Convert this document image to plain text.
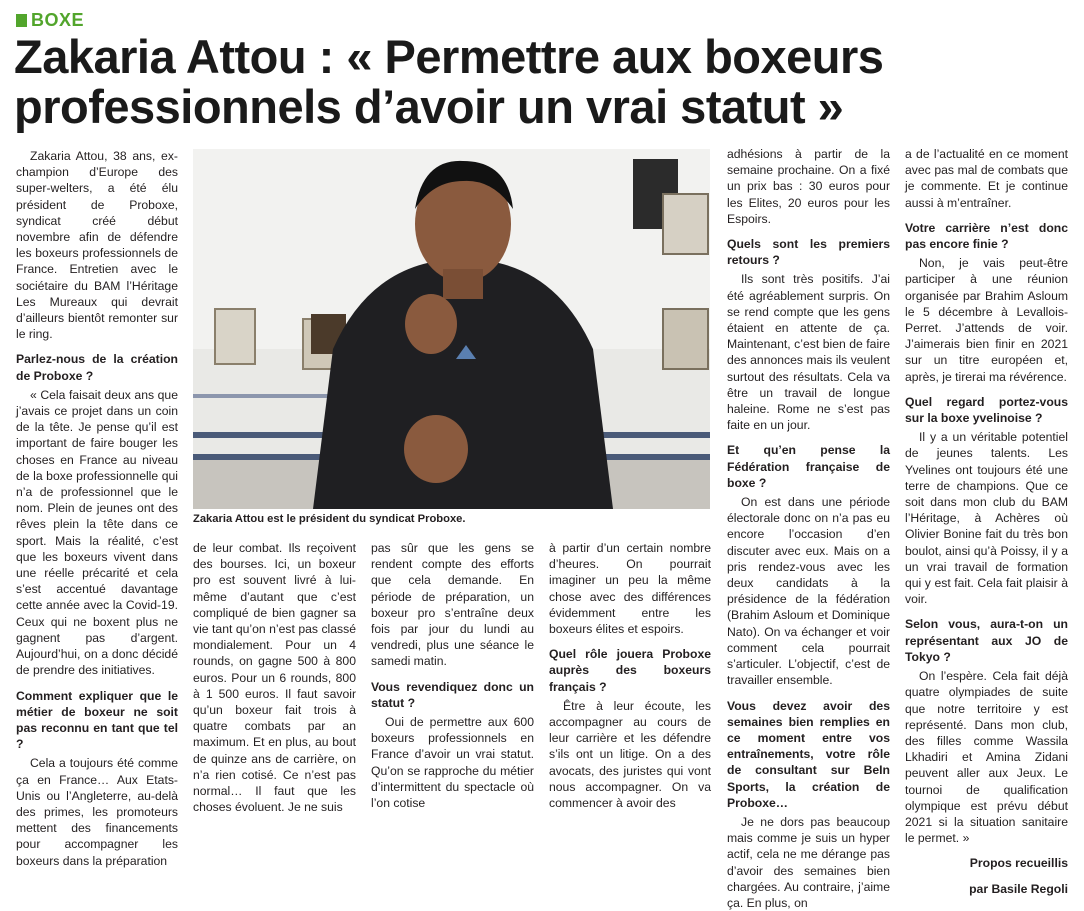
BOXE
Zakaria Attou : « Permettre aux boxeurs professionnels d’avoir un vrai statut »

Zakaria Attou, 38 ans, ex-champion d’Europe des super-welters, a été élu président de Proboxe, syndicat créé début novembre afin de défendre les boxeurs professionnels de France. Entretien avec le sociétaire du BAM l’Héritage Les Mureaux qui devrait d’ailleurs bientôt remonter sur le ring.

Parlez-nous de la création de Proboxe ?

« Cela faisait deux ans que j’avais ce projet dans un coin de la tête. Je pense qu’il est important de faire bouger les choses en France au niveau de la boxe professionnelle qui n’a de professionnel que le nom. Plein de jeunes ont des rêves plein la tête dans ce sport. Mais la réalité, c’est que les boxeurs vivent dans une réelle précarité et cela s’est accentué davantage cette année avec la Covid-19. Ceux qui ne boxent plus ne gagnent pas d’argent. Aujourd’hui, on a donc décidé de prendre des initiatives.

Comment expliquer que le métier de boxeur ne soit pas reconnu en tant que tel ?

Cela a toujours été comme ça en France… Aux Etats-Unis ou l’Angleterre, au-delà des primes, les promoteurs mettent des financements pour accompagner les boxeurs dans la préparation

Zakaria Attou est le président du syndicat Proboxe.

de leur combat. Ils reçoivent des bourses. Ici, un boxeur pro est souvent livré à lui-même d’autant que c’est compliqué de bien gagner sa vie tant qu’on n’est pas classé mondialement. Pour un 4 rounds, on gagne 500 à 800 euros. Pour un 6 rounds, 800 à 1 500 euros. Il faut savoir qu’un boxeur fait trois à quatre combats par an maximum. Et en plus, au bout de quinze ans de carrière, on n’a rien cotisé. Ce n’est pas normal… Il faut que les choses évoluent. Je ne suis

pas sûr que les gens se rendent compte des efforts que cela demande. En période de préparation, un boxeur pro s’entraîne deux fois par jour du lundi au vendredi, plus une séance le samedi matin.

Vous revendiquez donc un statut ?

Oui de permettre aux 600 boxeurs professionnels en France d’avoir un vrai statut. Qu’on se rapproche du métier d’intermittent du spectacle où l’on cotise

à partir d’un certain nombre d’heures. On pourrait imaginer un peu la même chose avec des différences évidemment entre les boxeurs élites et espoirs.

Quel rôle jouera Proboxe auprès des boxeurs français ?

Être à leur écoute, les accompagner au cours de leur carrière et les défendre s’ils ont un litige. On a des avocats, des juristes qui vont nous accompagner. On va commencer à avoir des

adhésions à partir de la semaine prochaine. On a fixé un prix bas : 30 euros pour les Elites, 20 euros pour les Espoirs.

Quels sont les premiers retours ?

Ils sont très positifs. J’ai été agréablement surpris. On se rend compte que les gens étaient en attente de ça. Maintenant, c’est bien de faire des annonces mais ils veulent surtout des résultats. Cela va être un travail de longue haleine. Rome ne s’est pas faite en un jour.

Et qu’en pense la Fédération française de boxe ?

On est dans une période électorale donc on n’a pas eu encore l’occasion d’en discuter avec eux. Mais on a pris rendez-vous avec les deux candidats à la présidence de la fédération (Brahim Asloum et Dominique Nato). On va échanger et voir comment cela pourrait s’articuler. L’objectif, c’est de travailler ensemble.

Vous devez avoir des semaines bien remplies en ce moment entre vos entraînements, votre rôle de consultant sur BeIn Sports, la création de Proboxe…

Je ne dors pas beaucoup mais comme je suis un hyper actif, cela ne me dérange pas d’avoir des semaines bien chargées. Au contraire, j’aime ça. En plus, on

a de l’actualité en ce moment avec pas mal de combats que je commente. Et je continue aussi à m’entraîner.

Votre carrière n’est donc pas encore finie ?

Non, je vais peut-être participer à une réunion organisée par Brahim Asloum le 5 décembre à Levallois-Perret. J’attends de voir. J’aimerais bien finir en 2021 sur un titre européen et, après, je tirerai ma révérence.

Quel regard portez-vous sur la boxe yvelinoise ?

Il y a un véritable potentiel de jeunes talents. Les Yvelines ont toujours été une terre de champions. Que ce soit dans mon club du BAM l’Héritage, à Achères où Olivier Bonine fait du très bon boulot, ainsi qu’à Poissy, il y a un vrai travail de formation qui y est fait. Cela fait plaisir à voir.

Selon vous, aura-t-on un représentant aux JO de Tokyo ?

On l’espère. Cela fait déjà quatre olympiades de suite que notre territoire y est représenté. Dans mon club, des filles comme Wassila Lkhadiri et Amina Zidani peuvent aller aux Jeux. Le tournoi de qualification olympique est prévu début 2021 si la situation sanitaire le permet. »

Propos recueillis

par Basile Regoli
